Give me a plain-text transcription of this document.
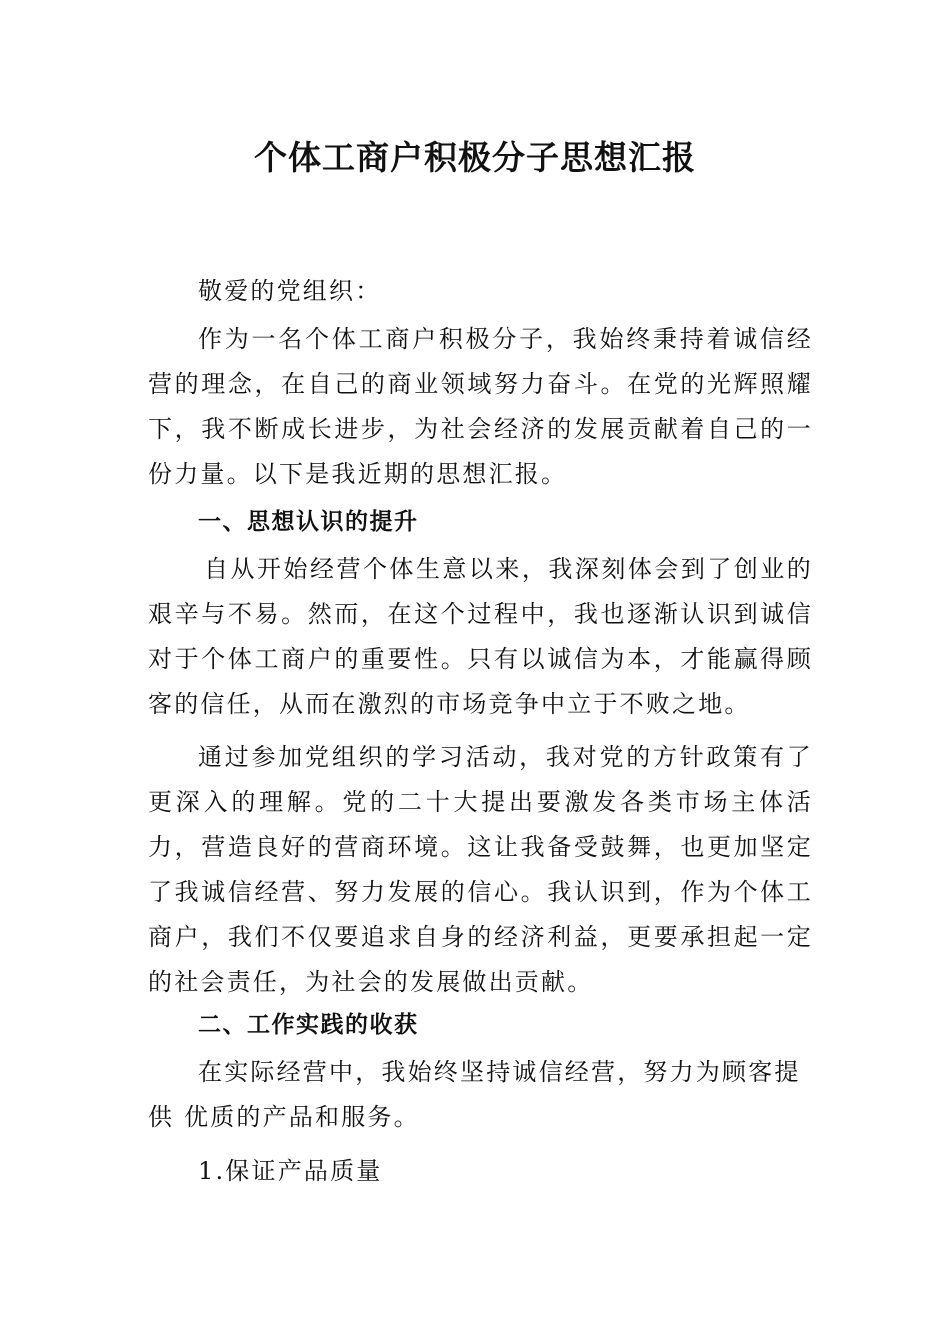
个体工商户积极分子思想汇报

敬爱的党组织：

作为一名个体工商户积极分子，我始终秉持着诚信经营的理念，在自己的商业领域努力奋斗。在党的光辉照耀下，我不断成长进步，为社会经济的发展贡献着自己的一份力量。以下是我近期的思想汇报。

一、思想认识的提升

自从开始经营个体生意以来，我深刻体会到了创业的艰辛与不易。然而，在这个过程中，我也逐渐认识到诚信对于个体工商户的重要性。只有以诚信为本，才能赢得顾客的信任，从而在激烈的市场竞争中立于不败之地。

通过参加党组织的学习活动，我对党的方针政策有了更深入的理解。党的二十大提出要激发各类市场主体活力，营造良好的营商环境。这让我备受鼓舞，也更加坚定了我诚信经营、努力发展的信心。我认识到，作为个体工商户，我们不仅要追求自身的经济利益，更要承担起一定的社会责任，为社会的发展做出贡献。

二、工作实践的收获

在实际经营中，我始终坚持诚信经营，努力为顾客提

供 优质的产品和服务。

1.保证产品质量
